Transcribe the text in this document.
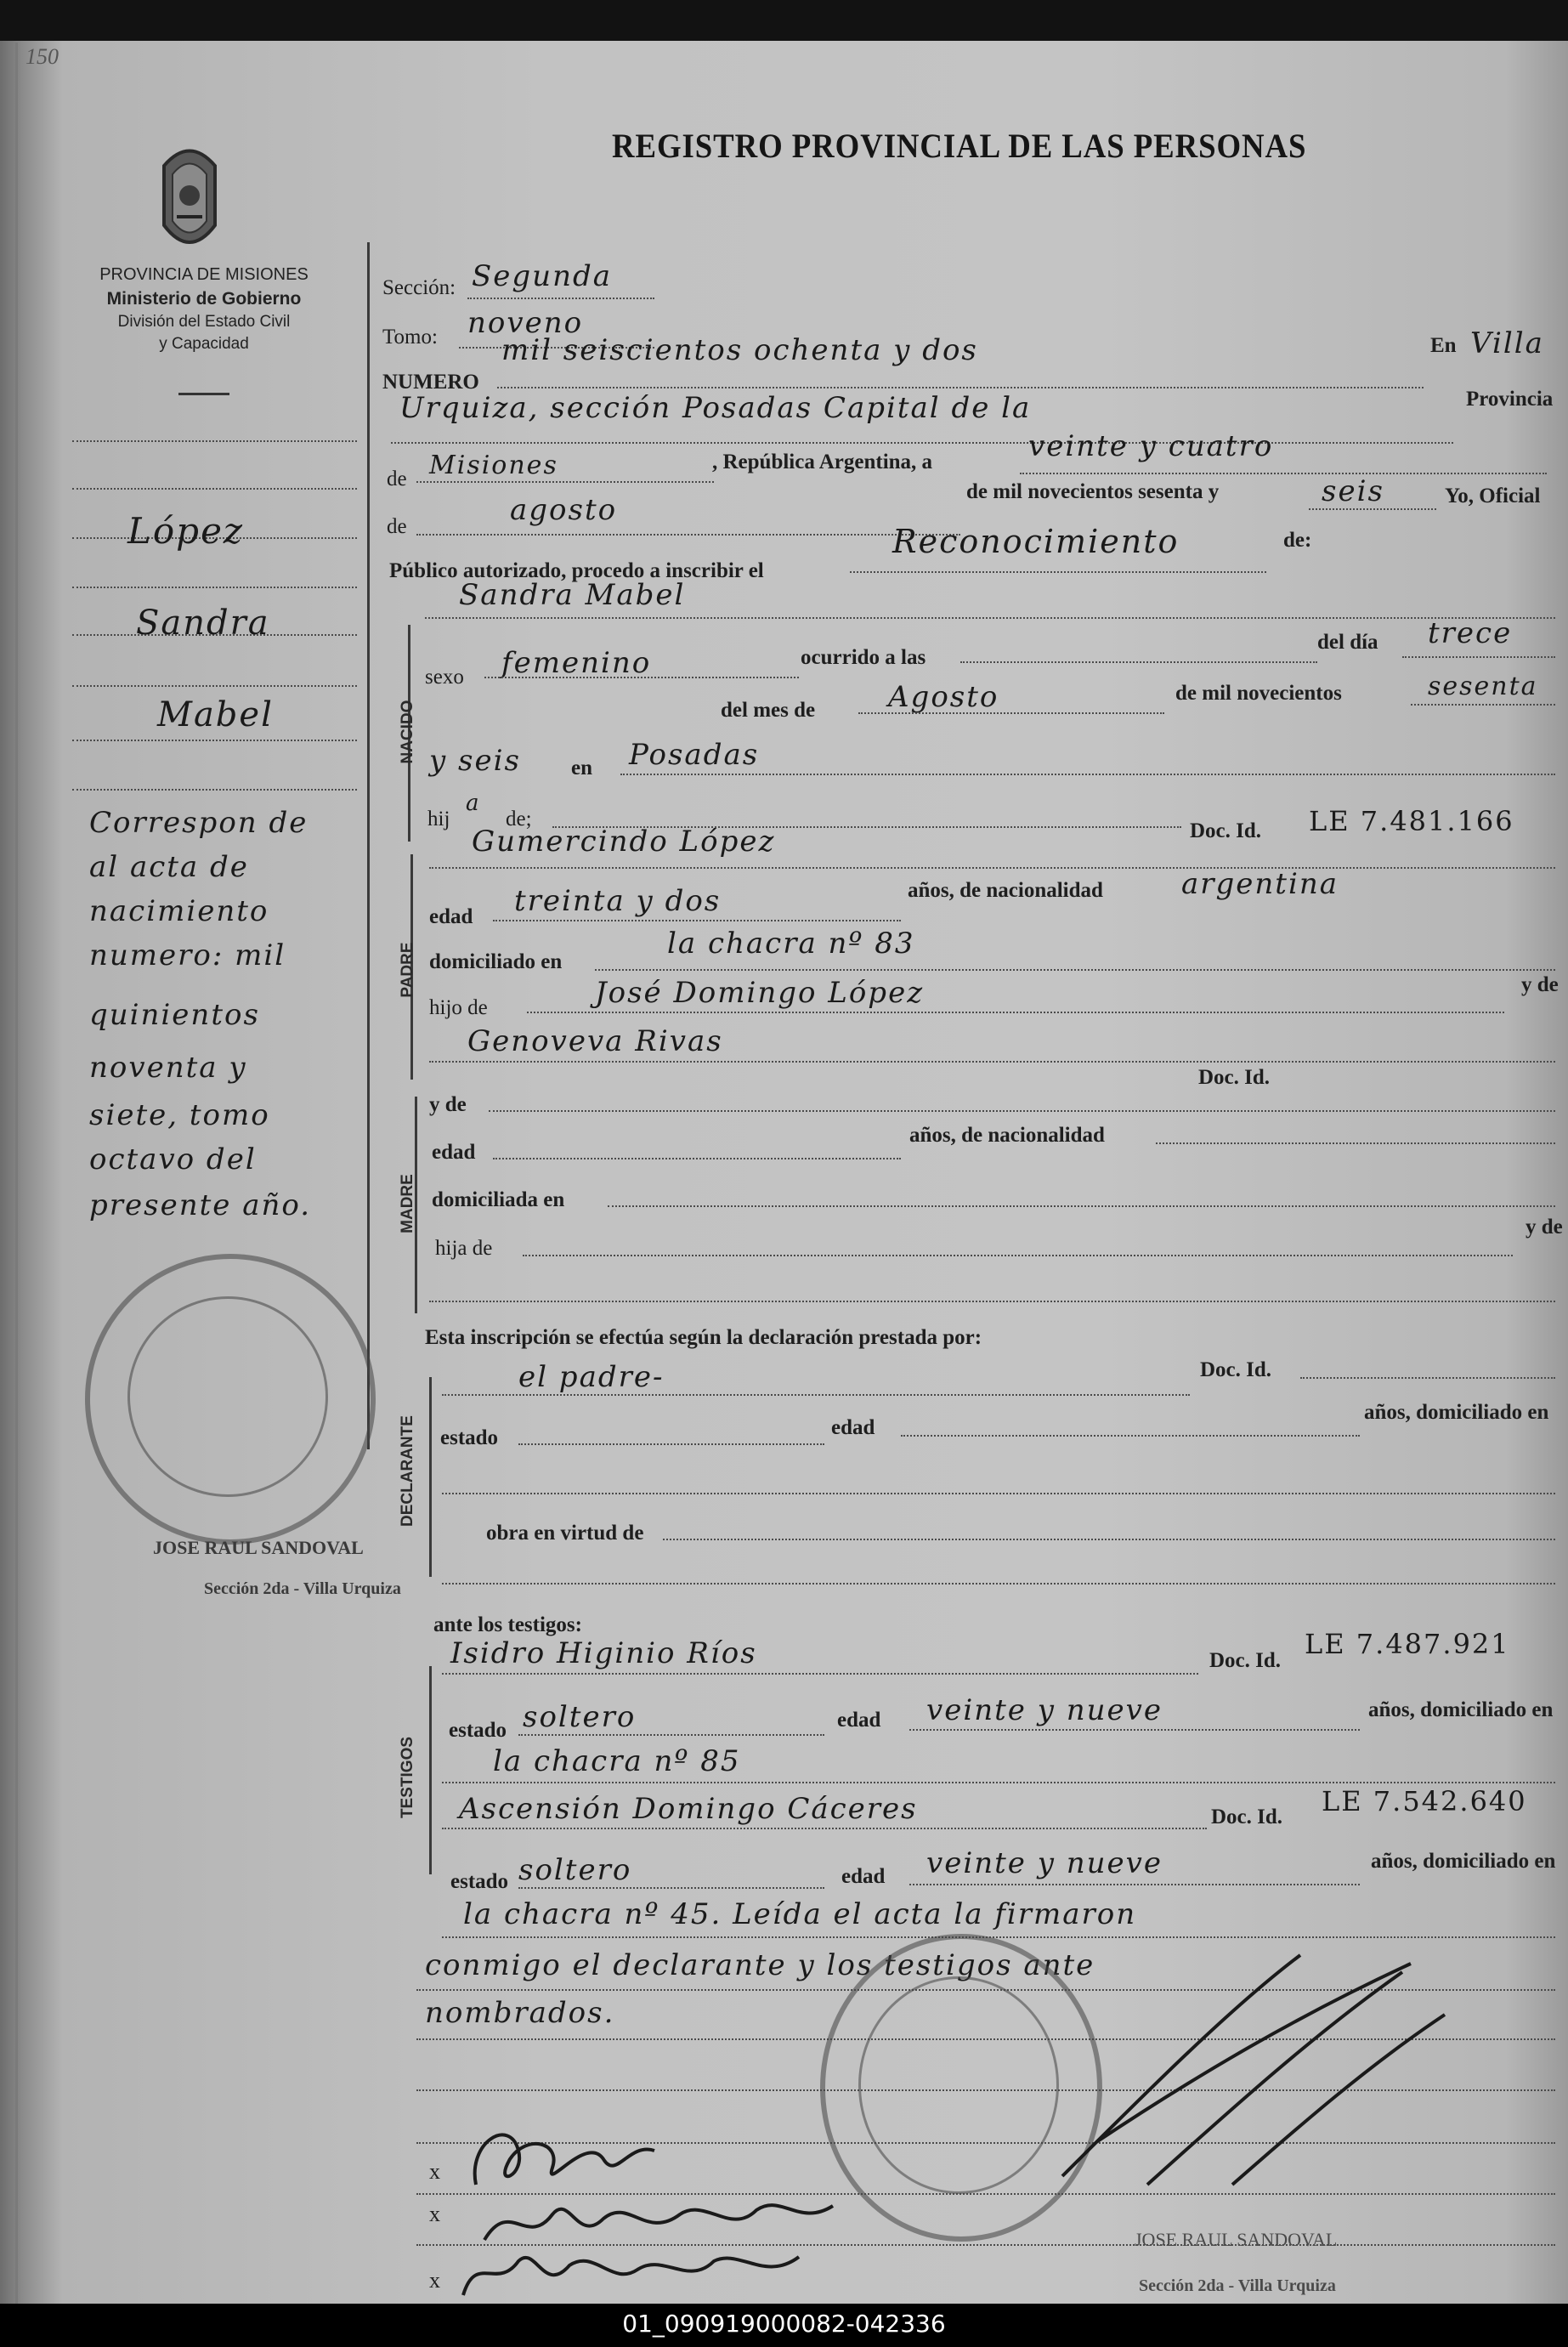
150
PROVINCIA DE MISIONES
Ministerio de Gobierno
División del Estado Civil
y Capacidad
REGISTRO PROVINCIAL DE LAS PERSONAS
López
Sandra
Mabel
Correspon de
al acta de
nacimiento
numero: mil
quinientos
noventa y
siete, tomo
octavo del
presente año.
Sección: Segunda
Tomo: noveno
NUMERO
mil seiscientos ochenta y dos	En Villa
Urquiza, sección Posadas Capital de la	Provincia
de Misiones	, República Argentina, a	veinte y cuatro
de	agosto
de mil novecientos sesenta y	seis	Yo, Oficial
Público autorizado, procedo a inscribir el
Reconocimiento	de:
NACIDO
Sandra Mabel
sexo femenino	ocurrido a las
del día trece
del mes de	Agosto	de mil novecientos	sesenta
y seis en Posadas
hij
a
de;
Doc. Id. LE 7.481.166
PADRE
Gumercindo López
edad treinta y dos	años, de nacionalidad	argentina
domiciliado en
la chacra nº 83
hijo de	José Domingo López	y de
Genoveva Rivas
Doc. Id.
MADRE
y de
edad
años, de nacionalidad
domiciliada en
hija de
y de
Esta inscripción se efectúa según la declaración prestada por:
DECLARANTE
el padre-	Doc. Id.
estado	edad
años, domiciliado en
obra en virtud de
ante los testigos:
TESTIGOS
Isidro Higinio Ríos	Doc. Id.
LE 7.487.921
estado soltero	edad veinte y nueve	años, domiciliado en
la chacra nº 85
Ascensión Domingo Cáceres	Doc. Id. LE 7.542.640
estado soltero	edad veinte y nueve	años, domiciliado en
la chacra nº 45. Leída el acta la firmaron
conmigo el declarante y los testigos ante
nombrados.
JOSE RAUL SANDOVAL
Sección 2da - Villa Urquiza
JOSE RAUL SANDOVAL
Sección 2da - Villa Urquiza
x
x
x
01_090919000082-042336
